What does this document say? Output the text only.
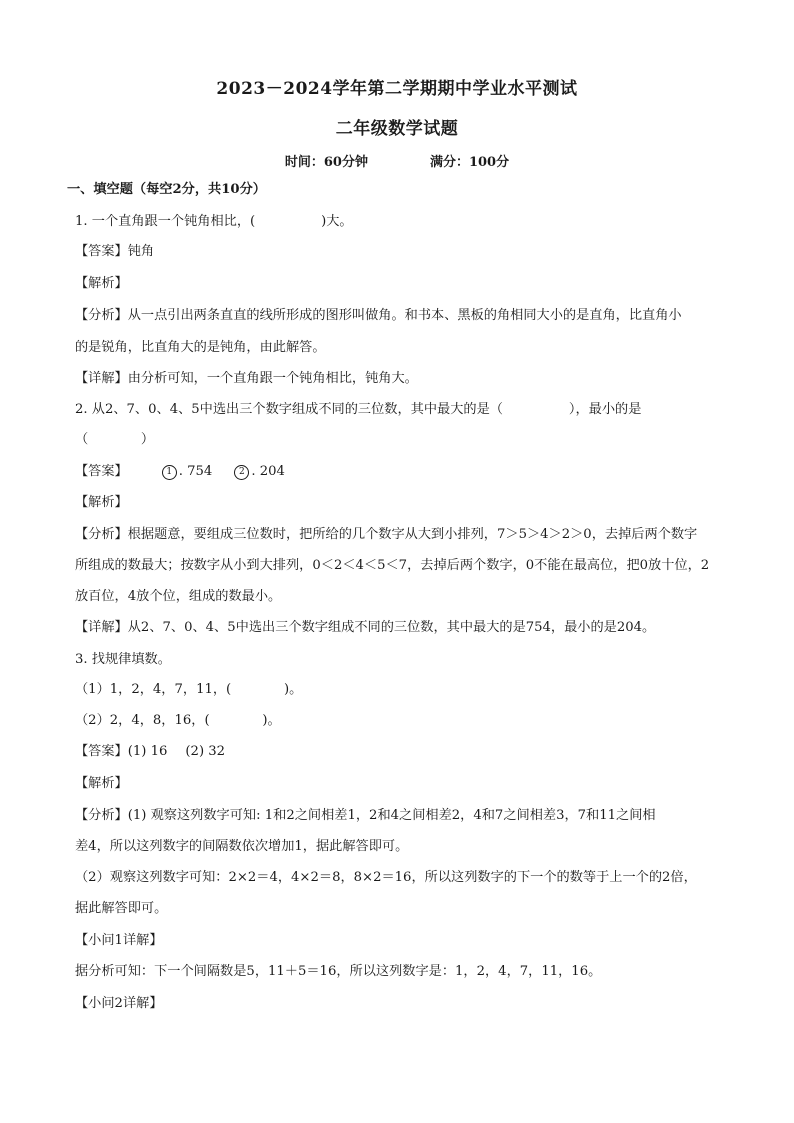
2023－2024学年第二学期期中学业水平测试
二年级数学试题
时间：60分钟	满分：100分
一、填空题（每空2分，共10分）
1. 一个直角跟一个钝角相比，(　　　　　)大。
【答案】钝角
【解析】
【分析】从一点引出两条直直的线所形成的图形叫做角。和书本、黑板的角相同大小的是直角，比直角小
的是锐角，比直角大的是钝角，由此解答。
【详解】由分析可知，一个直角跟一个钝角相比，钝角大。
2. 从2、7、0、4、5中选出三个数字组成不同的三位数，其中最大的是（　　　　　），最小的是
（　　　　）
【答案】	1 . 754	2 . 204
【解析】
【分析】根据题意，要组成三位数时，把所给的几个数字从大到小排列，7＞5＞4＞2＞0，去掉后两个数字
所组成的数最大；按数字从小到大排列，0＜2＜4＜5＜7，去掉后两个数字，0不能在最高位，把0放十位，2
放百位，4放个位，组成的数最小。
【详解】从2、7、0、4、5中选出三个数字组成不同的三位数，其中最大的是754，最小的是204。
3. 找规律填数。
（1）1，2，4，7，11，(　　　　)。
（2）2，4，8，16，(　　　　)。
【答案】(1) 16 (2) 32
【解析】
【分析】(1) 观察这列数字可知: 1和2之间相差1，2和4之间相差2，4和7之间相差3，7和11之间相
差4，所以这列数字的间隔数依次增加1，据此解答即可。
（2）观察这列数字可知：2×2＝4，4×2＝8，8×2＝16，所以这列数字的下一个的数等于上一个的2倍，
据此解答即可。
【小问1详解】
据分析可知：下一个间隔数是5，11＋5＝16，所以这列数字是：1，2，4，7，11，16。
【小问2详解】
